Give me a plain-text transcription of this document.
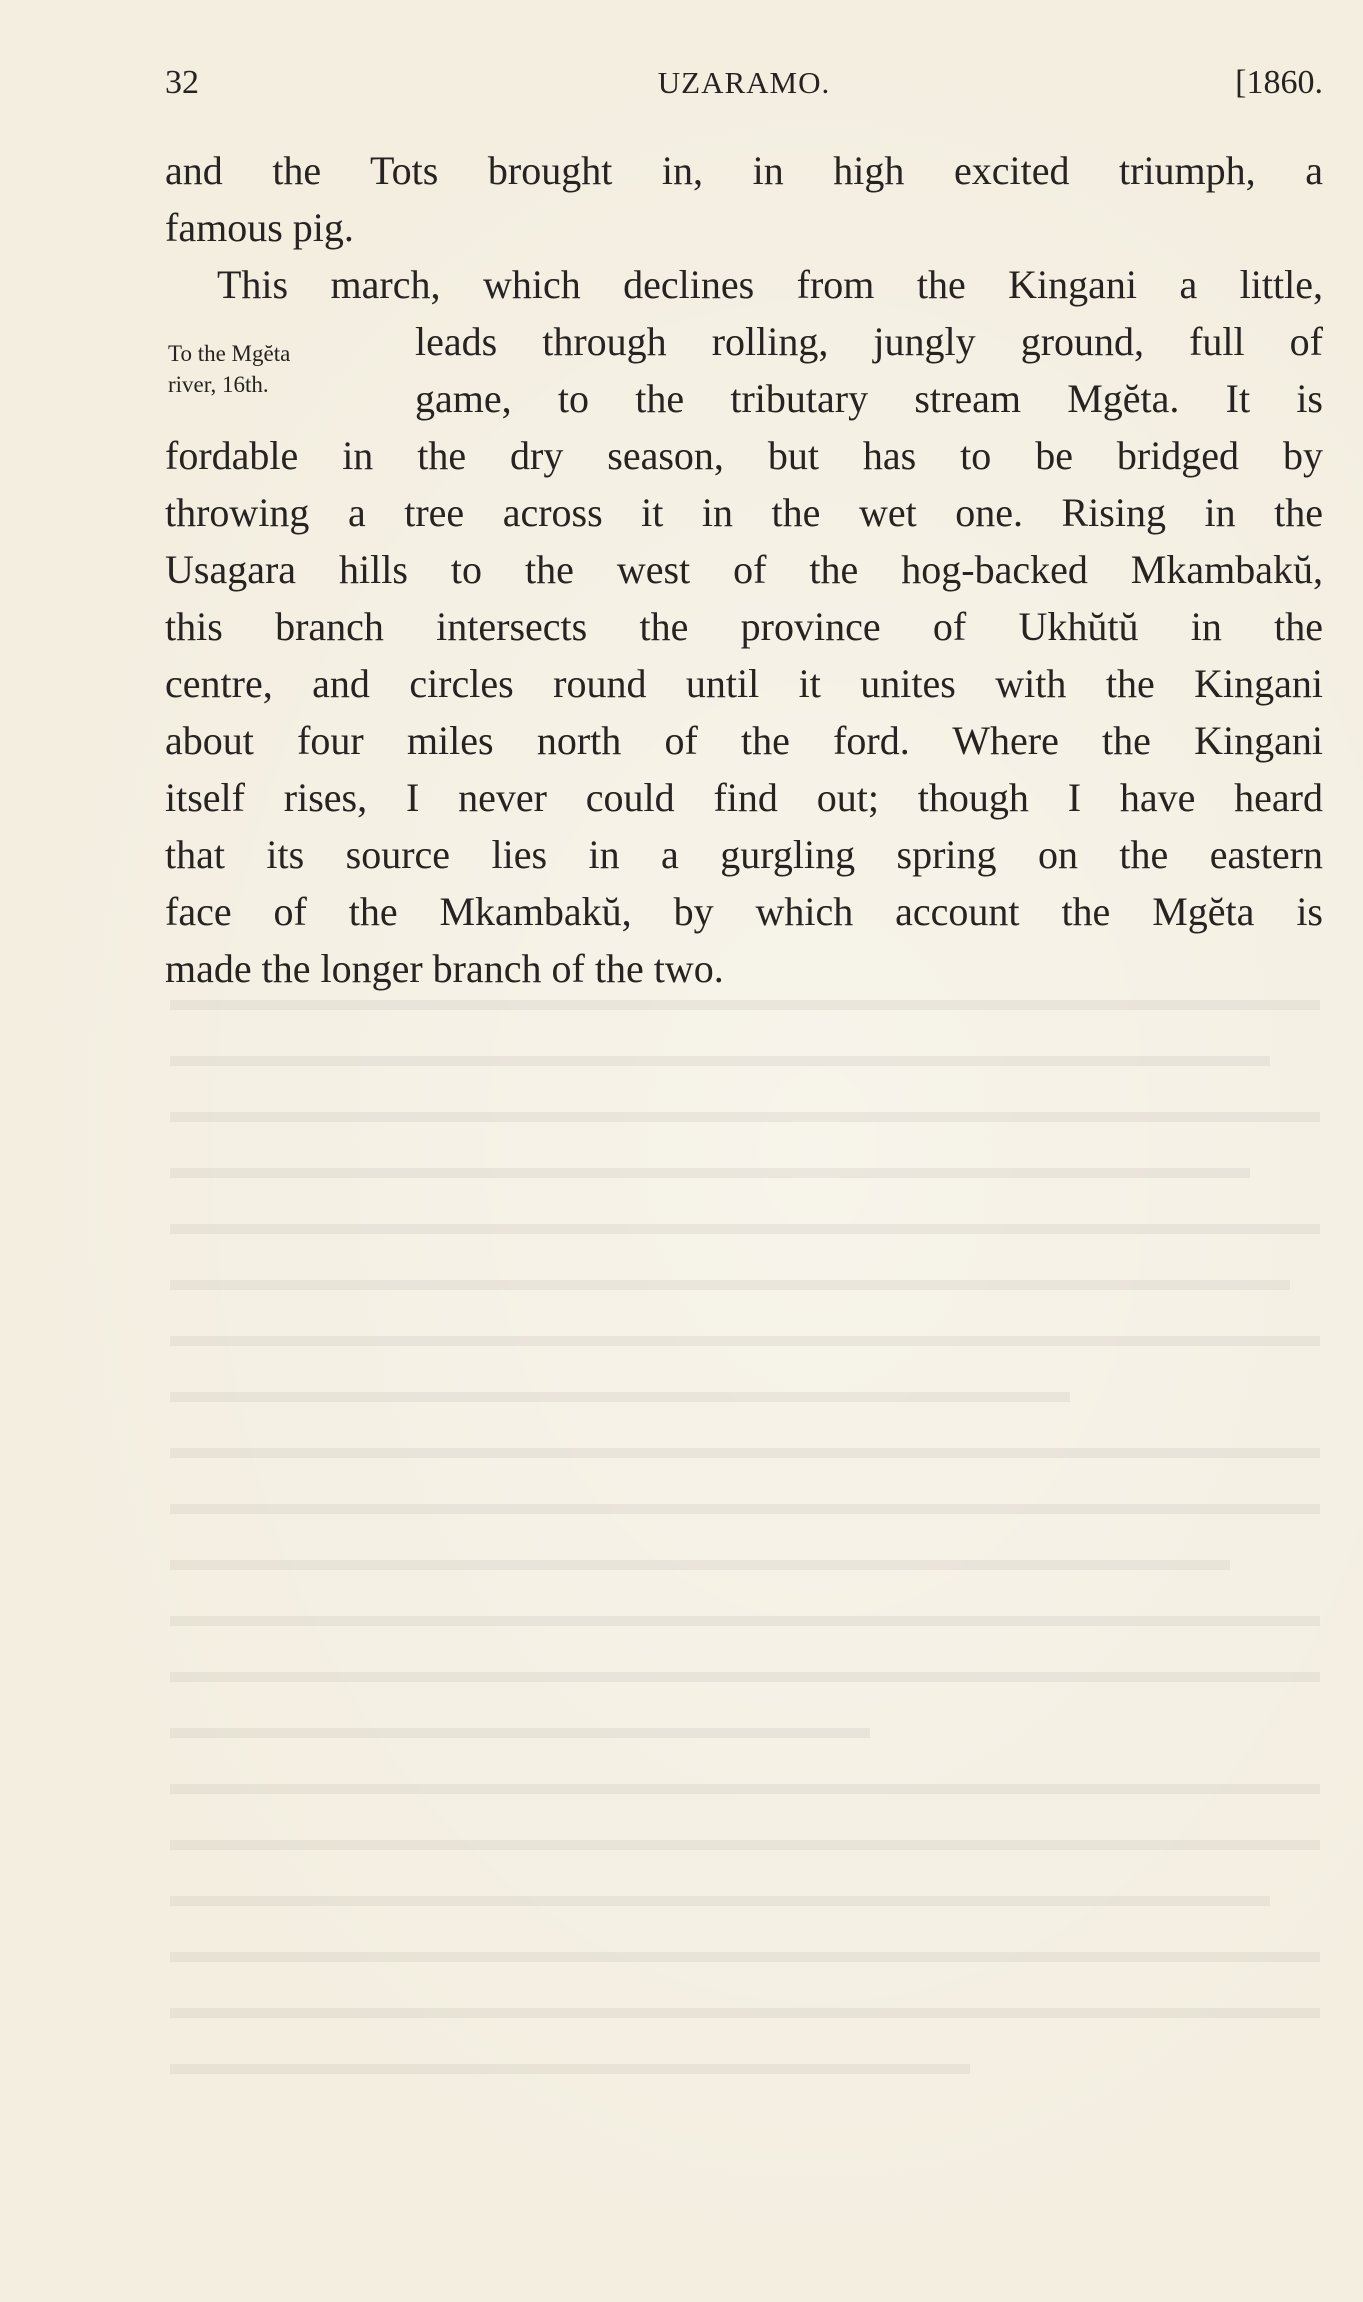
32	UZARAMO.	[1860.
To the Mgĕta
river, 16th.
and the Tots brought in, in high excited triumph, a
famous pig.
This march, which declines from the Kingani a little,
leads through rolling, jungly ground, full of
game, to the tributary stream Mgĕta. It is
fordable in the dry season, but has to be bridged by
throwing a tree across it in the wet one. Rising in the
Usagara hills to the west of the hog-backed Mkambakŭ,
this branch intersects the province of Ukhŭtŭ in the
centre, and circles round until it unites with the Kingani
about four miles north of the ford. Where the Kingani
itself rises, I never could find out; though I have heard
that its source lies in a gurgling spring on the eastern
face of the Mkambakŭ, by which account the Mgĕta is
made the longer branch of the two.
